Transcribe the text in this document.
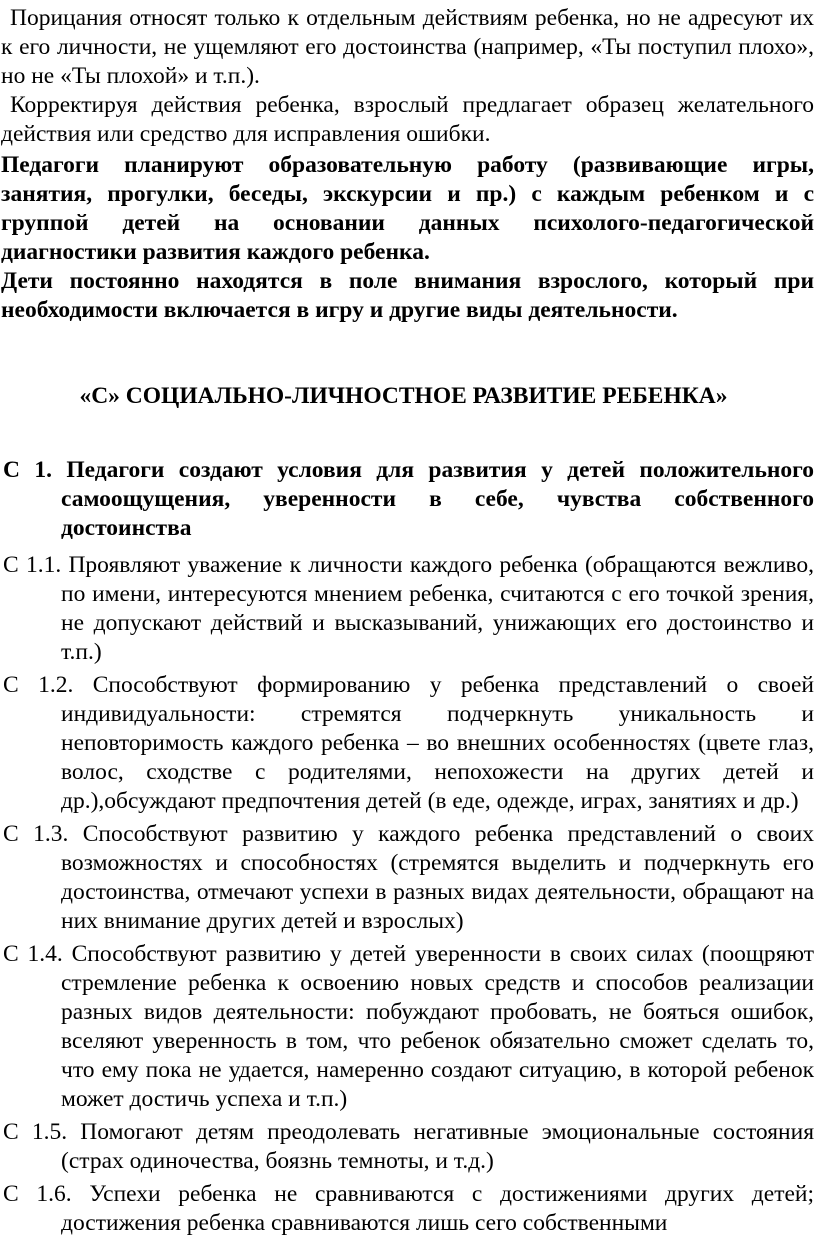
Порицания относят только к отдельным действиям ребенка, но не адресуют их к его личности, не ущемляют его достоинства (например, «Ты поступил плохо», но не «Ты плохой» и т.п.).

Корректируя действия ребенка, взрослый предлагает образец желательного действия или средство для исправления ошибки.

Педагоги планируют образовательную работу (развивающие игры, занятия, прогулки, беседы, экскурсии и пр.) с каждым ребенком и с группой детей на основании данных психолого-педагогической диагностики развития каждого ребенка.

Дети постоянно находятся в поле внимания взрослого, который при необходимости включается в игру и другие виды деятельности.

«С» СОЦИАЛЬНО-ЛИЧНОСТНОЕ РАЗВИТИЕ РЕБЕНКА»

С 1. Педагоги создают условия для развития у детей положительного самоощущения, уверенности в себе, чувства собственного достоинства

С 1.1. Проявляют уважение к личности каждого ребенка (обращаются вежливо, по имени, интересуются мнением ребенка, считаются с его точкой зрения, не допускают действий и высказываний, унижающих его достоинство и т.п.)

С 1.2. Способствуют формированию у ребенка представлений о своей индивидуальности: стремятся подчеркнуть уникальность и неповторимость каждого ребенка – во внешних особенностях (цвете глаз, волос, сходстве с родителями, непохожести на других детей и др.),обсуждают предпочтения детей (в еде, одежде, играх, занятиях и др.)

С 1.3. Способствуют развитию у каждого ребенка представлений о своих возможностях и способностях (стремятся выделить и подчеркнуть его достоинства, отмечают успехи в разных видах деятельности, обращают на них внимание других детей и взрослых)

С 1.4. Способствуют развитию у детей уверенности в своих силах (поощряют стремление ребенка к освоению новых средств и способов реализации разных видов деятельности: побуждают пробовать, не бояться ошибок, вселяют уверенность в том, что ребенок обязательно сможет сделать то, что ему пока не удается, намеренно создают ситуацию, в которой ребенок может достичь успеха и т.п.)

С 1.5. Помогают детям преодолевать негативные эмоциональные состояния (страх одиночества, боязнь темноты, и т.д.)

С 1.6. Успехи ребенка не сравниваются с достижениями других детей; достижения ребенка сравниваются лишь сего собственными
